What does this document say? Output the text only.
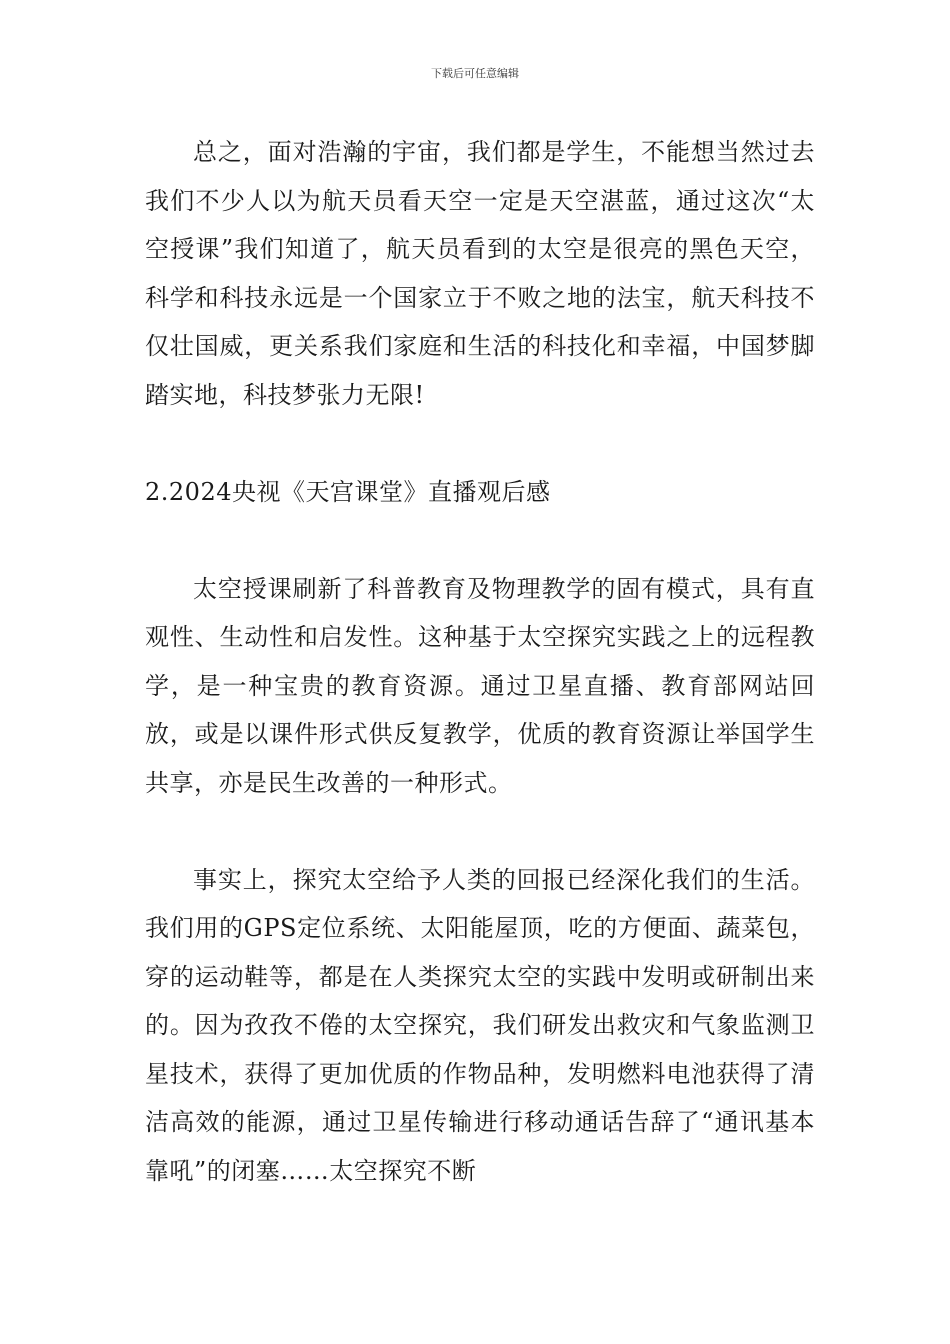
下载后可任意编辑

总之，面对浩瀚的宇宙，我们都是学生，不能想当然过去我们不少人以为航天员看天空一定是天空湛蓝，通过这次“太空授课”我们知道了，航天员看到的太空是很亮的黑色天空，科学和科技永远是一个国家立于不败之地的法宝，航天科技不仅壮国威，更关系我们家庭和生活的科技化和幸福，中国梦脚踏实地，科技梦张力无限!

2.2024央视《天宫课堂》直播观后感

太空授课刷新了科普教育及物理教学的固有模式，具有直观性、生动性和启发性。这种基于太空探究实践之上的远程教学，是一种宝贵的教育资源。通过卫星直播、教育部网站回放，或是以课件形式供反复教学，优质的教育资源让举国学生共享，亦是民生改善的一种形式。

事实上，探究太空给予人类的回报已经深化我们的生活。我们用的GPS定位系统、太阳能屋顶，吃的方便面、蔬菜包，穿的运动鞋等，都是在人类探究太空的实践中发明或研制出来的。因为孜孜不倦的太空探究，我们研发出救灾和气象监测卫星技术，获得了更加优质的作物品种，发明燃料电池获得了清洁高效的能源，通过卫星传输进行移动通话告辞了“通讯基本靠吼”的闭塞……太空探究不断
